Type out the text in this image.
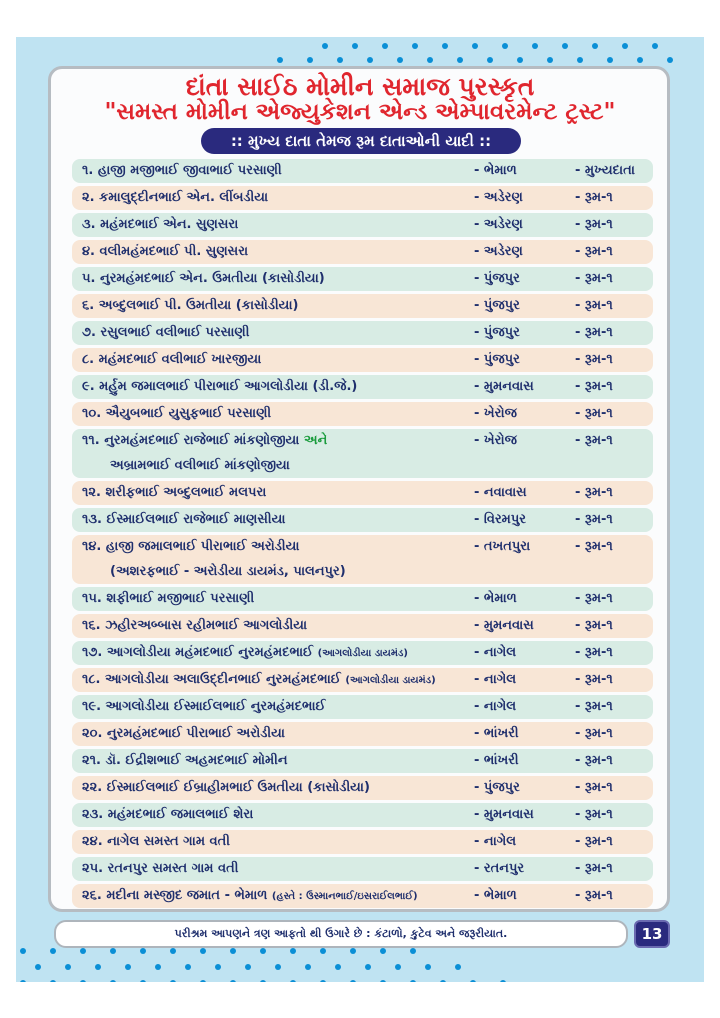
દાંતા સાઈઠ મોમીન સમાજ પુરસ્કૃત
"સમસ્ત મોમીન એજ્યુકેશન એન્ડ એમ્પાવરમેન્ટ ટ્રસ્ટ"
:: મુખ્ય દાતા તેમજ રૂમ દાતાઓની યાદી ::
૧. હાજી મજીભાઈ જીવાભાઈ પરસાણી	- ભેમાળ	- મુખ્યદાતા
૨. કમાલુદ્દીનભાઈ એન. લીંબડીયા	- અડેરણ	- રૂમ-૧
૩. મહંમદભાઈ એન. સુણસરા	- અડેરણ	- રૂમ-૧
૪. વલીમહંમદભાઈ પી. સુણસરા	- અડેરણ	- રૂમ-૧
૫. નુરમહંમદભાઈ એન. ઉમતીયા (કાસોડીયા)	- પુંજપુર	- રૂમ-૧
૬. અબ્દુલભાઈ પી. ઉમતીયા (કાસોડીયા)	- પુંજપુર	- રૂમ-૧
૭. રસુલભાઈ વલીભાઈ પરસાણી	- પુંજપુર	- રૂમ-૧
૮. મહંમદભાઈ વલીભાઈ ખારજીયા	- પુંજપુર	- રૂમ-૧
૯. મર્હુમ જમાલભાઈ પીરાભાઈ આગલોડીયા (ડી.જે.)	- મુમનવાસ	- રૂમ-૧
૧૦. ઐયુબભાઈ યુસુફભાઈ પરસાણી	- ખેરોજ	- રૂમ-૧
૧૧. નુરમહંમદભાઈ રાજેભાઈ માંકણોજીયા અને
અબ્રામભાઈ વલીભાઈ માંકણોજીયા
- ખેરોજ	- રૂમ-૧
૧૨. શરીફભાઈ અબ્દુલભાઈ મલપરા	- નવાવાસ	- રૂમ-૧
૧૩. ઈસ્માઈલભાઈ રાજેભાઈ માણસીયા	- વિરમપુર	- રૂમ-૧
૧૪. હાજી જમાલભાઈ પીરાભાઈ અરોડીયા
(અશરફભાઈ - અરોડીયા ડાયમંડ, પાલનપુર)
- તખતપુરા	- રૂમ-૧
૧૫. શફીભાઈ મજીભાઈ પરસાણી	- ભેમાળ	- રૂમ-૧
૧૬. ઝહીરઅબ્બાસ રહીમભાઈ આગલોડીયા	- મુમનવાસ	- રૂમ-૧
૧૭. આગલોડીયા મહંમદભાઈ નુરમહંમદભાઈ (આગલોડીયા ડાયમંડ)	- નાગેલ	- રૂમ-૧
૧૮. આગલોડીયા અલાઉદ્દીનભાઈ નુરમહંમદભાઈ (આગલોડીયા ડાયમંડ)	- નાગેલ	- રૂમ-૧
૧૯. આગલોડીયા ઈસ્માઈલભાઈ નુરમહંમદભાઈ	- નાગેલ	- રૂમ-૧
૨૦. નુરમહંમદભાઈ પીરાભાઈ અરોડીયા	- ભાંખરી	- રૂમ-૧
૨૧. ડૉ. ઈદ્રીશભાઈ અહમદભાઈ મોમીન	- ભાંખરી	- રૂમ-૧
૨૨. ઈસ્માઈલભાઈ ઈબ્રાહીમભાઈ ઉમતીયા (કાસોડીયા)	- પુંજપુર	- રૂમ-૧
૨૩. મહંમદભાઈ જમાલભાઈ શેરા	- મુમનવાસ	- રૂમ-૧
૨૪. નાગેલ સમસ્ત ગામ વતી	- નાગેલ	- રૂમ-૧
૨૫. રતનપુર સમસ્ત ગામ વતી	- રતનપુર	- રૂમ-૧
૨૬. મદીના મસ્જીદ જમાત - ભેમાળ (હસ્તે : ઉસ્માનભાઈ/ઇસરાઈલભાઈ)	- ભેમાળ	- રૂમ-૧
પરીશ્રમ આપણને ત્રણ આફતો થી ઉગારે છે : કંટાળો, કુટેવ અને જરૂરીયાત.	13
